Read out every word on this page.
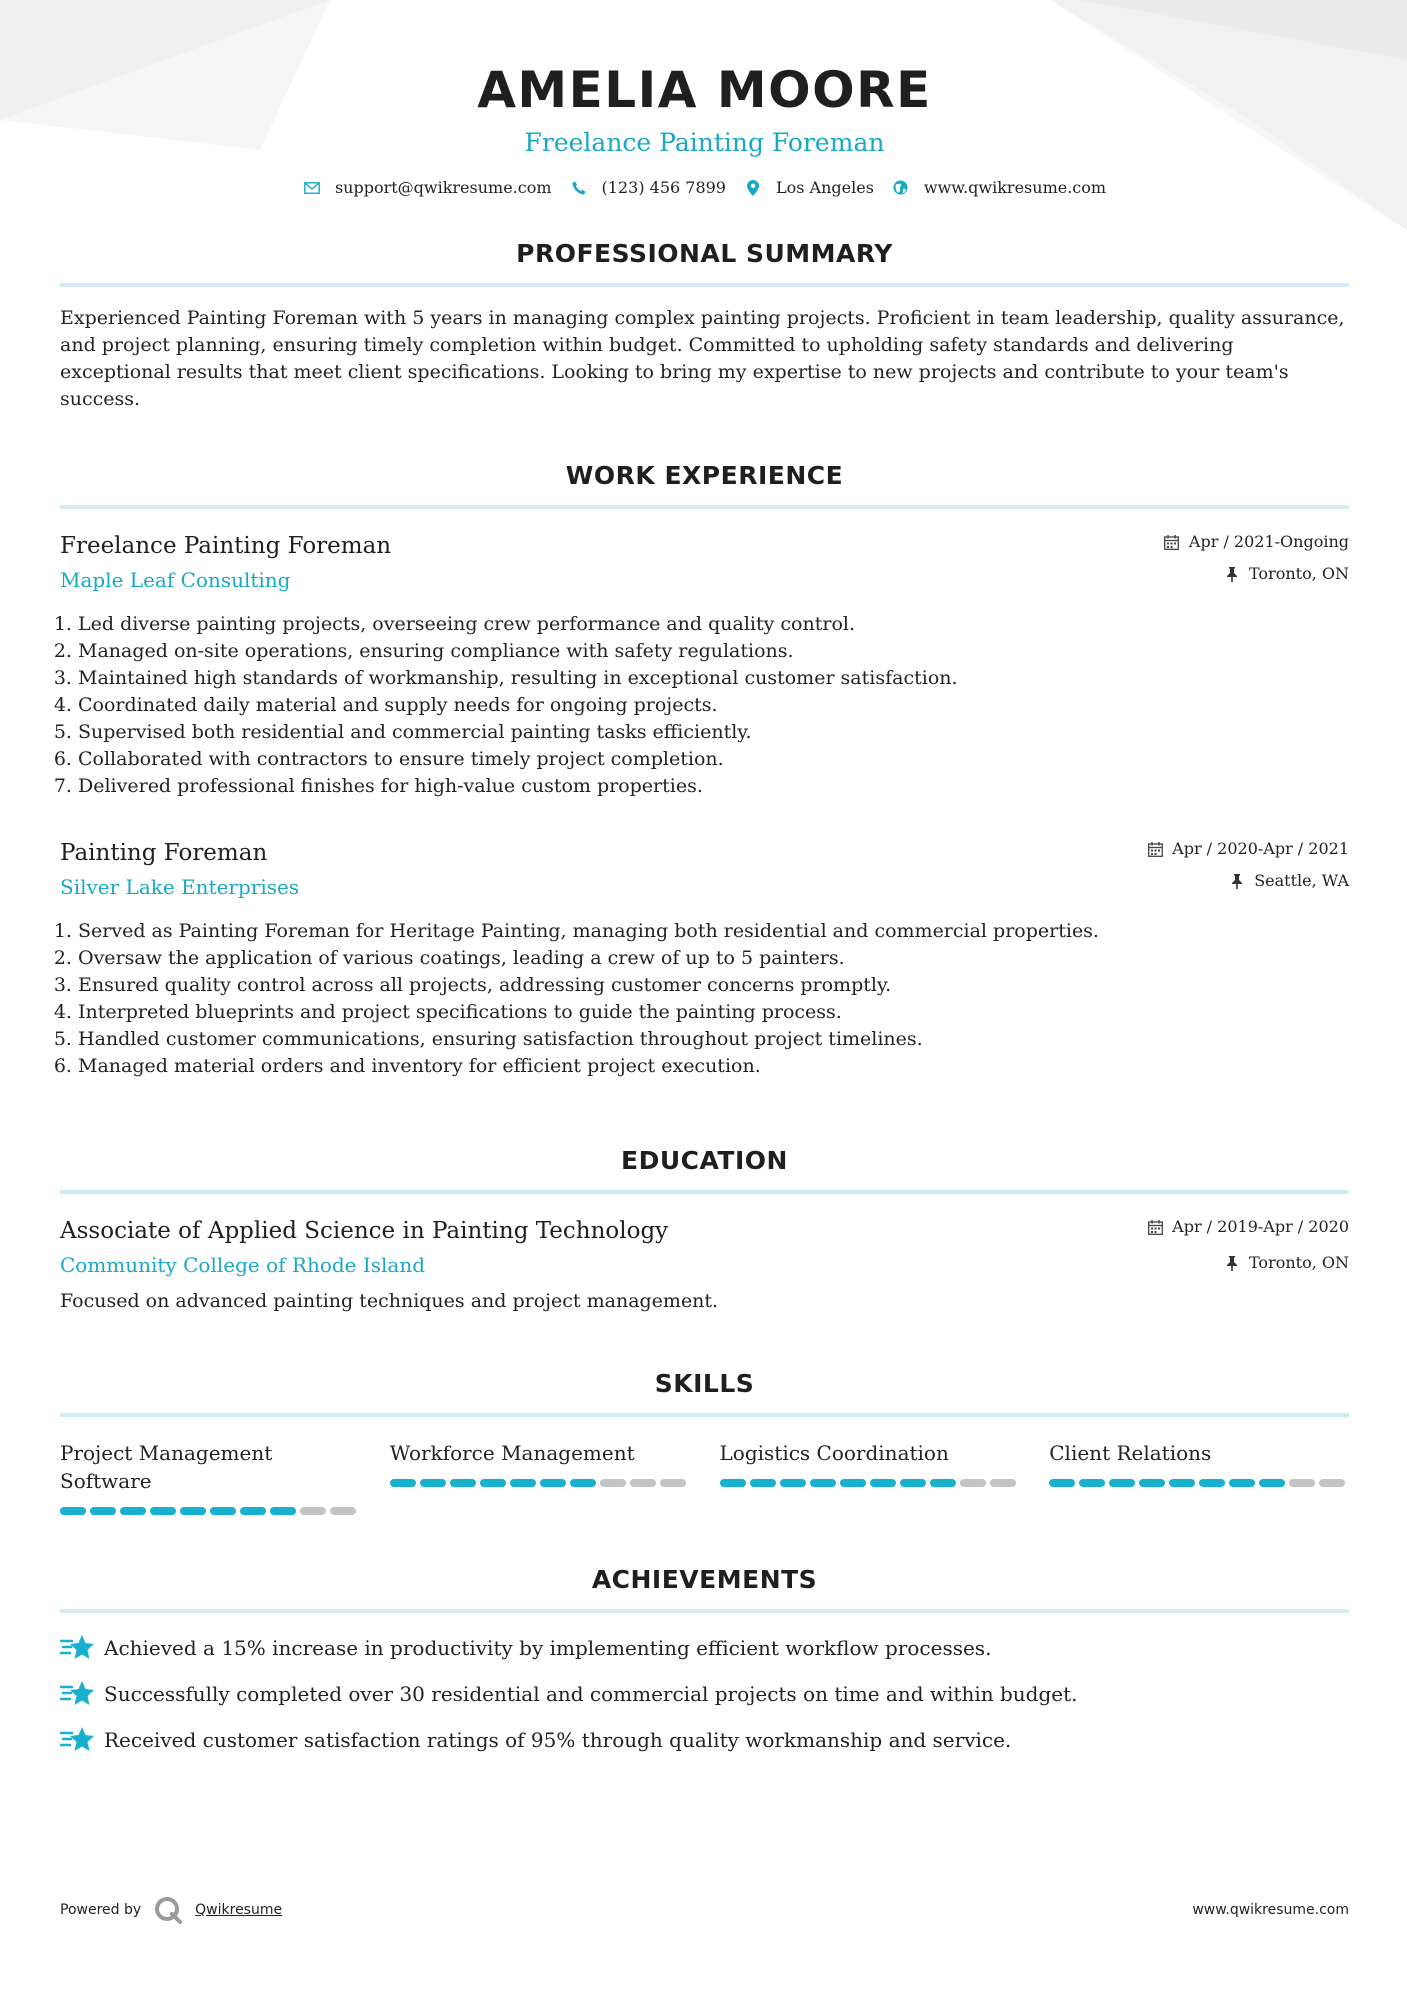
AMELIA MOORE
Freelance Painting Foreman
support@qwikresume.com	(123) 456 7899	Los Angeles	www.qwikresume.com
PROFESSIONAL SUMMARY

Experienced Painting Foreman with 5 years in managing complex painting projects. Proficient in team leadership, quality assurance, and project planning, ensuring timely completion within budget. Committed to upholding safety standards and delivering exceptional results that meet client specifications. Looking to bring my expertise to new projects and contribute to your team's success.

WORK EXPERIENCE
Freelance Painting Foreman
Maple Leaf Consulting
Apr / 2021-Ongoing
Toronto, ON
1. Led diverse painting projects, overseeing crew performance and quality control.
2. Managed on-site operations, ensuring compliance with safety regulations.
3. Maintained high standards of workmanship, resulting in exceptional customer satisfaction.
4. Coordinated daily material and supply needs for ongoing projects.
5. Supervised both residential and commercial painting tasks efficiently.
6. Collaborated with contractors to ensure timely project completion.
7. Delivered professional finishes for high-value custom properties.
Painting Foreman
Silver Lake Enterprises
Apr / 2020-Apr / 2021
Seattle, WA
1. Served as Painting Foreman for Heritage Painting, managing both residential and commercial properties.
2. Oversaw the application of various coatings, leading a crew of up to 5 painters.
3. Ensured quality control across all projects, addressing customer concerns promptly.
4. Interpreted blueprints and project specifications to guide the painting process.
5. Handled customer communications, ensuring satisfaction throughout project timelines.
6. Managed material orders and inventory for efficient project execution.
EDUCATION
Associate of Applied Science in Painting Technology
Community College of Rhode Island
Apr / 2019-Apr / 2020
Toronto, ON
Focused on advanced painting techniques and project management.
SKILLS
Project Management Software
Workforce Management	Logistics Coordination	Client Relations
ACHIEVEMENTS
Achieved a 15% increase in productivity by implementing efficient workflow processes.
Successfully completed over 30 residential and commercial projects on time and within budget.
Received customer satisfaction ratings of 95% through quality workmanship and service.
Powered by	Qwikresume	www.qwikresume.com
